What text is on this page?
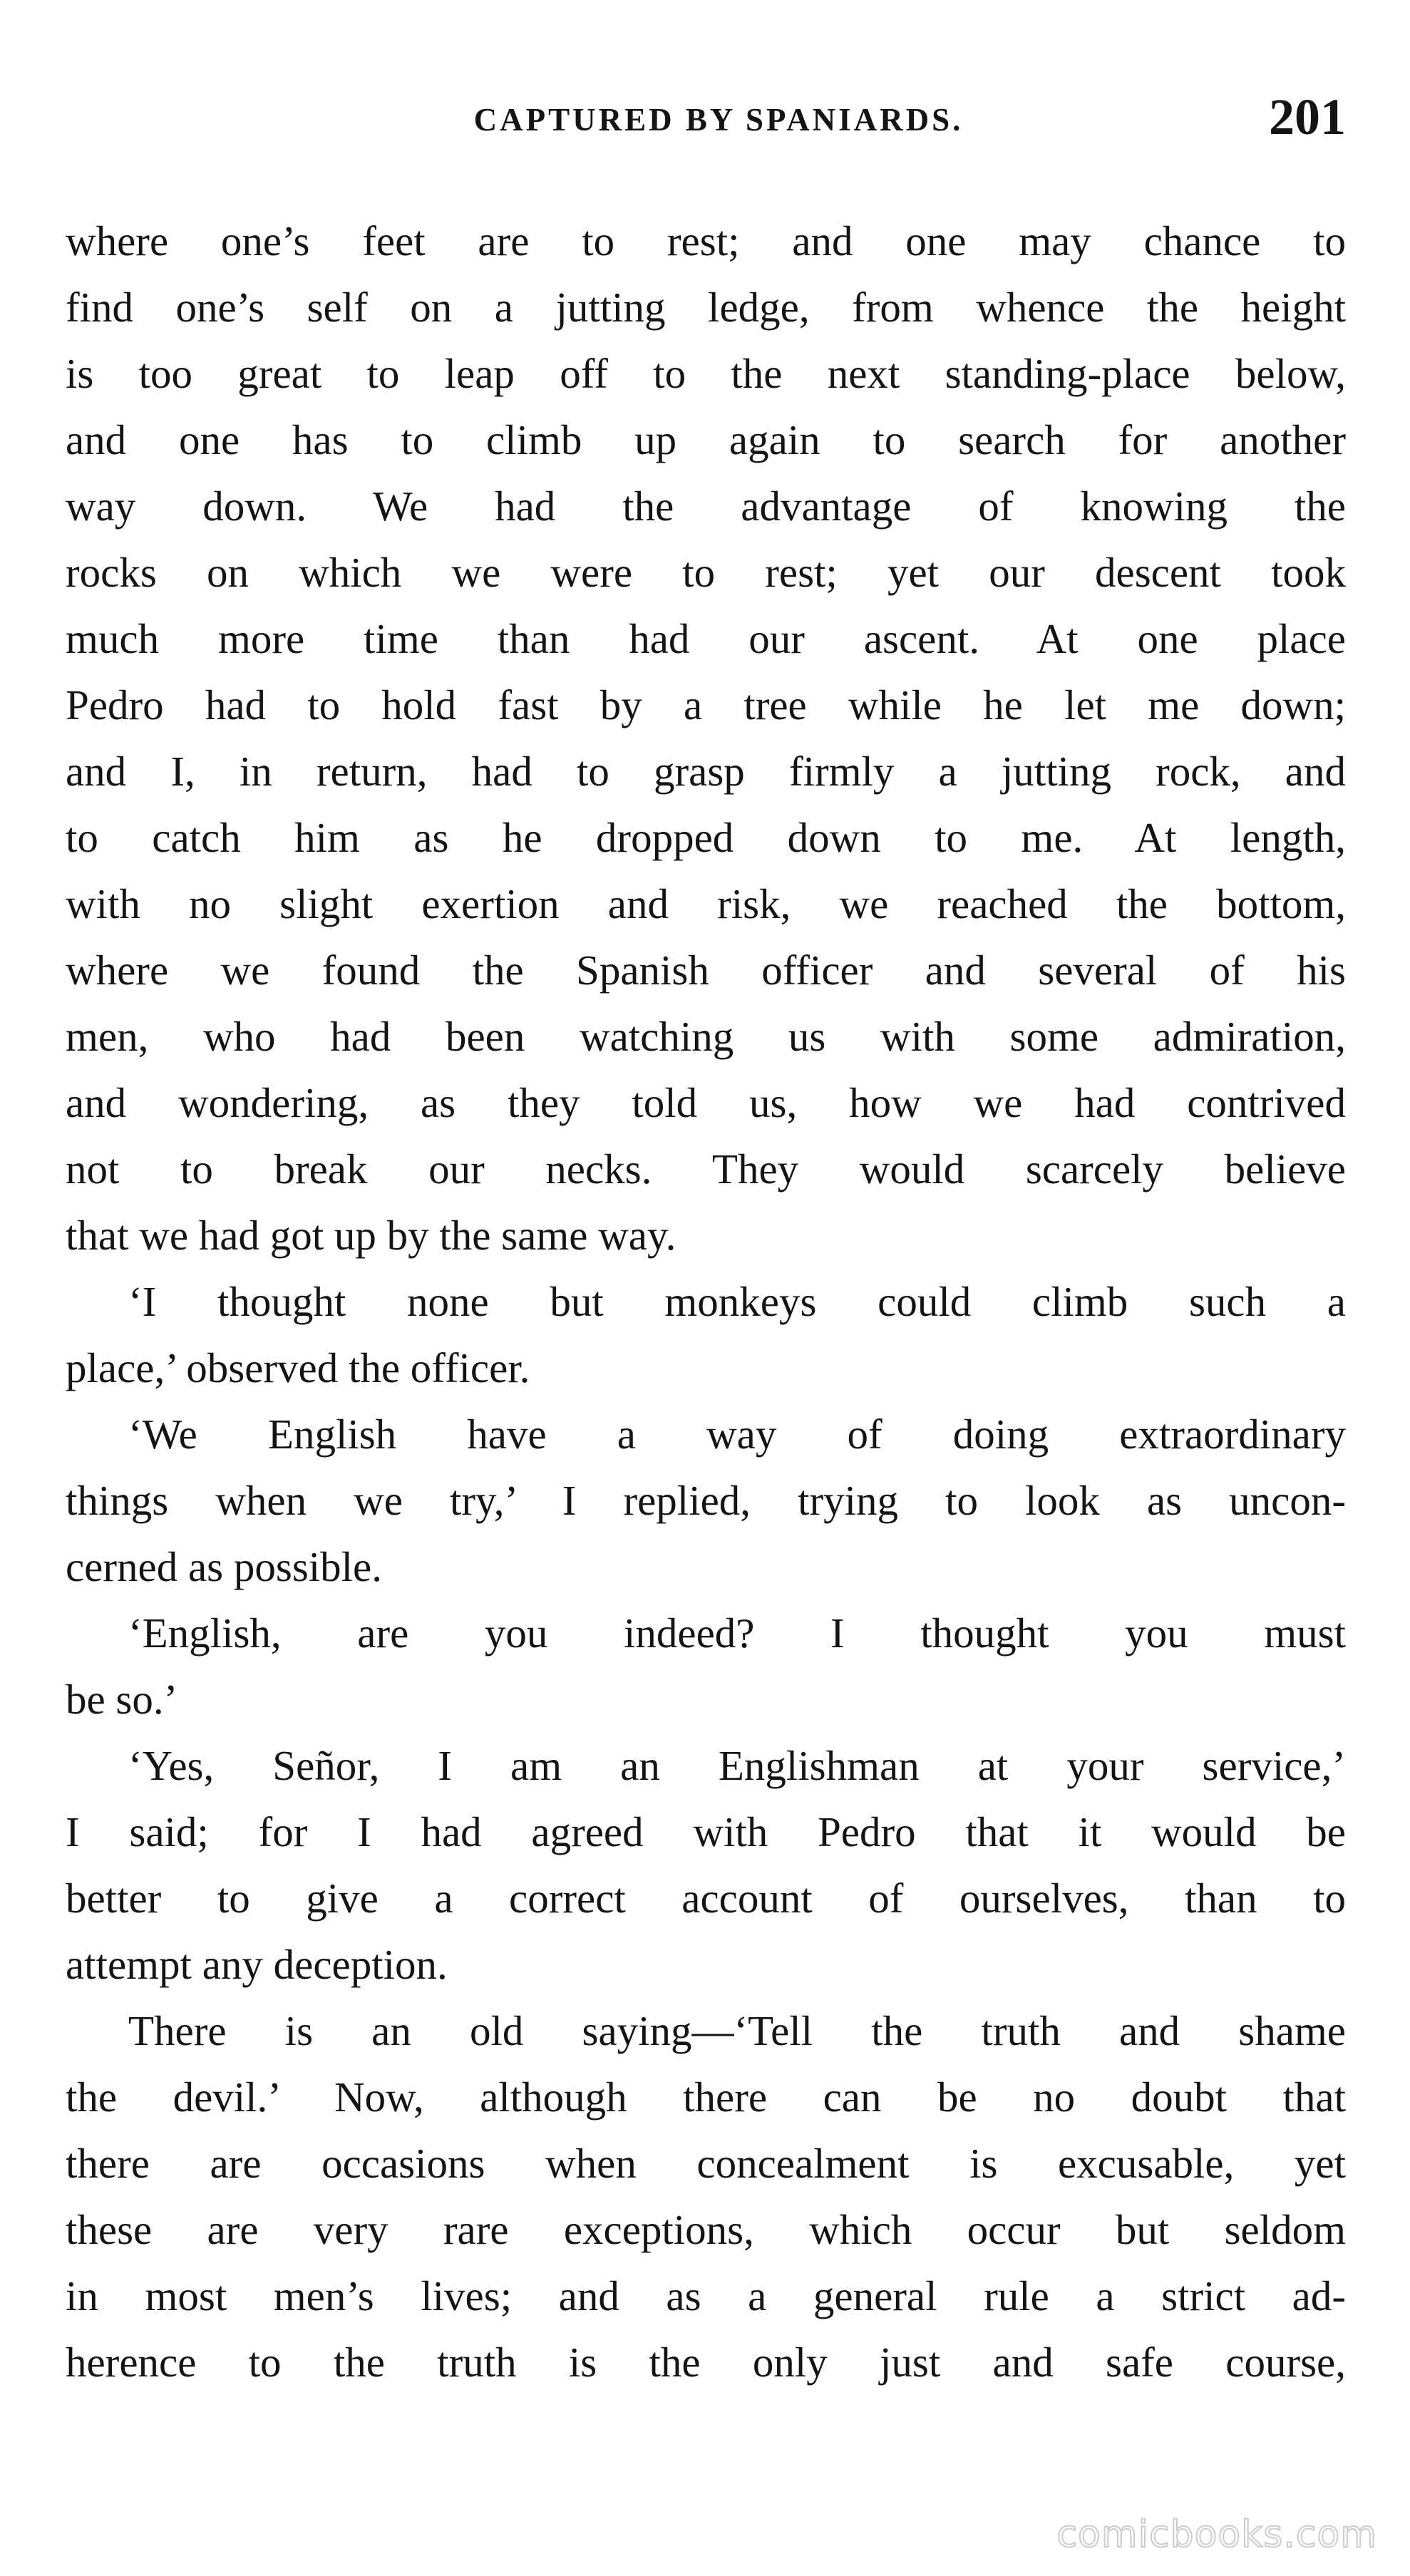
CAPTURED BY SPANIARDS.	201

where one’s feet are to rest; and one may chance to
find one’s self on a jutting ledge, from whence the height
is too great to leap off to the next standing-place below,
and one has to climb up again to search for another
way down. We had the advantage of knowing the
rocks on which we were to rest; yet our descent took
much more time than had our ascent. At one place
Pedro had to hold fast by a tree while he let me down;
and I, in return, had to grasp firmly a jutting rock, and
to catch him as he dropped down to me. At length,
with no slight exertion and risk, we reached the bottom,
where we found the Spanish officer and several of his
men, who had been watching us with some admiration,
and wondering, as they told us, how we had contrived
not to break our necks. They would scarcely believe
that we had got up by the same way.

‘I thought none but monkeys could climb such a
place,’ observed the officer.

‘We English have a way of doing extraordinary
things when we try,’ I replied, trying to look as uncon-
cerned as possible.

‘English, are you indeed? I thought you must
be so.’

‘Yes, Señor, I am an Englishman at your service,’
I said; for I had agreed with Pedro that it would be
better to give a correct account of ourselves, than to
attempt any deception.

There is an old saying—‘Tell the truth and shame
the devil.’ Now, although there can be no doubt that
there are occasions when concealment is excusable, yet
these are very rare exceptions, which occur but seldom
in most men’s lives; and as a general rule a strict ad-
herence to the truth is the only just and safe course,

comicbooks.com
